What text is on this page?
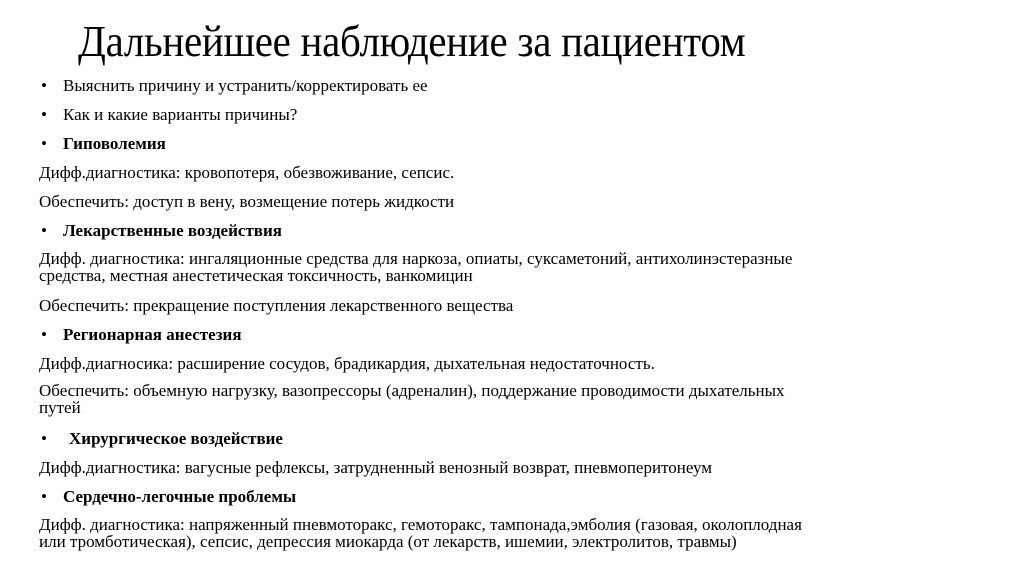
Дальнейшее наблюдение за пациентом
• Выяснить причину и устранить/корректировать ее
• Как и какие варианты причины?
• Гиповолемия
Дифф.диагностика: кровопотеря, обезвоживание, сепсис.
Обеспечить: доступ в вену, возмещение потерь жидкости
• Лекарственные воздействия
Дифф. диагностика: ингаляционные средства для наркоза, опиаты, суксаметоний, антихолинэстеразные
средства, местная анестетическая токсичность, ванкомицин
Обеспечить: прекращение поступления лекарственного вещества
• Регионарная анестезия
Дифф.диагносика: расширение сосудов, брадикардия, дыхательная недостаточность.
Обеспечить: объемную нагрузку, вазопрессоры (адреналин), поддержание проводимости дыхательных
путей
• Хирургическое воздействие
Дифф.диагностика: вагусные рефлексы, затрудненный венозный возврат, пневмоперитонеум
• Сердечно-легочные проблемы
Дифф. диагностика: напряженный пневмоторакс, гемоторакс, тампонада,эмболия (газовая, околоплодная
или тромботическая), сепсис, депрессия миокарда (от лекарств, ишемии, электролитов, травмы)
